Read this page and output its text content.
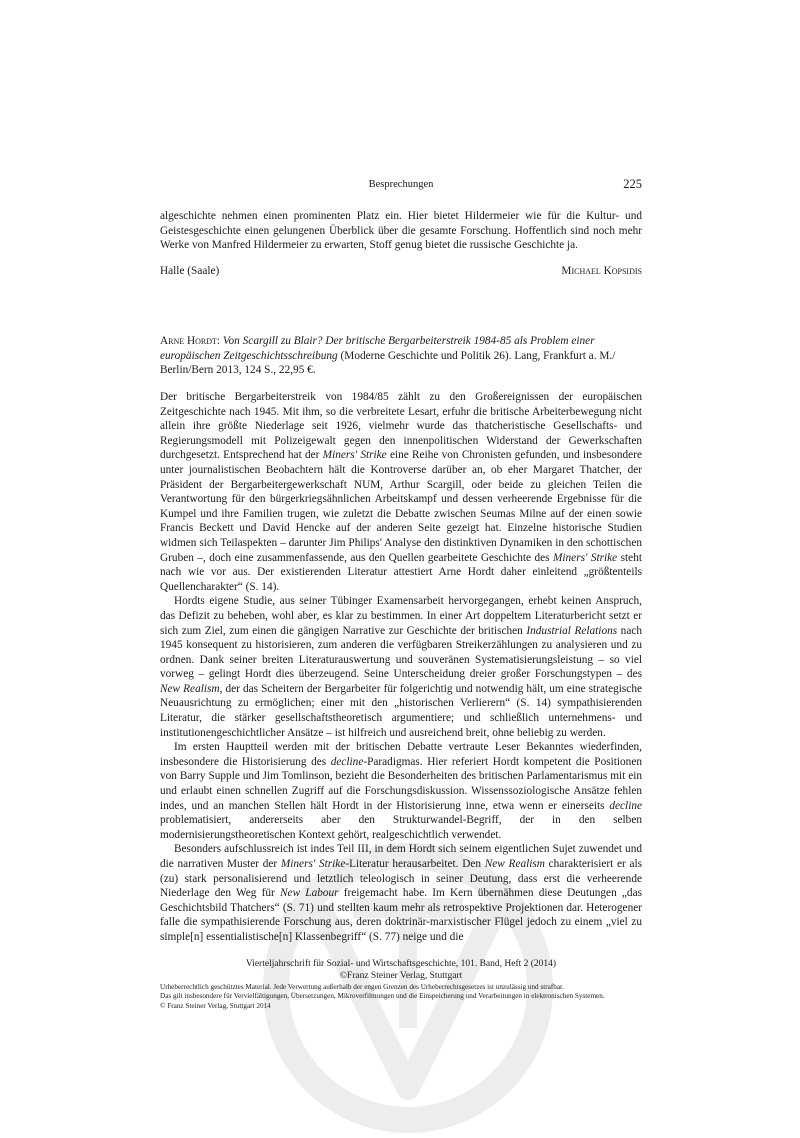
Besprechungen	225

algeschichte nehmen einen prominenten Platz ein. Hier bietet Hildermeier wie für die Kultur- und Geistesgeschichte einen gelungenen Überblick über die gesamte Forschung. Hoffentlich sind noch mehr Werke von Manfred Hildermeier zu erwarten, Stoff genug bietet die russische Geschichte ja.

Halle (Saale)	Michael Kopsidis

Arne Hordt: Von Scargill zu Blair? Der britische Bergarbeiterstreik 1984-85 als Problem einer europäischen Zeitgeschichtsschreibung (Moderne Geschichte und Politik 26). Lang, Frankfurt a. M./ Berlin/Bern 2013, 124 S., 22,95 €.

Der britische Bergarbeiterstreik von 1984/85 zählt zu den Großereignissen der europäischen Zeitgeschichte nach 1945. Mit ihm, so die verbreitete Lesart, erfuhr die britische Arbeiterbewegung nicht allein ihre größte Niederlage seit 1926, vielmehr wurde das thatcheristische Gesellschafts- und Regierungsmodell mit Polizeigewalt gegen den innenpolitischen Widerstand der Gewerkschaften durchgesetzt. Entsprechend hat der Miners' Strike eine Reihe von Chronisten gefunden, und insbesondere unter journalistischen Beobachtern hält die Kontroverse darüber an, ob eher Margaret Thatcher, der Präsident der Bergarbeitergewerkschaft NUM, Arthur Scargill, oder beide zu gleichen Teilen die Verantwortung für den bürgerkriegsähnlichen Arbeitskampf und dessen verheerende Ergebnisse für die Kumpel und ihre Familien trugen, wie zuletzt die Debatte zwischen Seumas Milne auf der einen sowie Francis Beckett und David Hencke auf der anderen Seite gezeigt hat. Einzelne historische Studien widmen sich Teilaspekten – darunter Jim Philips' Analyse den distinktiven Dynamiken in den schottischen Gruben –, doch eine zusammenfassende, aus den Quellen gearbeitete Geschichte des Miners' Strike steht nach wie vor aus. Der existierenden Literatur attestiert Arne Hordt daher einleitend „größtenteils Quellencharakter“ (S. 14).

Hordts eigene Studie, aus seiner Tübinger Examensarbeit hervorgegangen, erhebt keinen Anspruch, das Defizit zu beheben, wohl aber, es klar zu bestimmen. In einer Art doppeltem Literaturbericht setzt er sich zum Ziel, zum einen die gängigen Narrative zur Geschichte der britischen Industrial Relations nach 1945 konsequent zu historisieren, zum anderen die verfügbaren Streikerzählungen zu analysieren und zu ordnen. Dank seiner breiten Literaturauswertung und souveränen Systematisierungsleistung – so viel vorweg – gelingt Hordt dies überzeugend. Seine Unterscheidung dreier großer Forschungstypen – des New Realism, der das Scheitern der Bergarbeiter für folgerichtig und notwendig hält, um eine strategische Neuausrichtung zu ermöglichen; einer mit den „historischen Verlierern“ (S. 14) sympathisierenden Literatur, die stärker gesellschaftstheoretisch argumentiere; und schließlich unternehmens- und institutionengeschichtlicher Ansätze – ist hilfreich und ausreichend breit, ohne beliebig zu werden.

Im ersten Hauptteil werden mit der britischen Debatte vertraute Leser Bekanntes wiederfinden, insbesondere die Historisierung des decline-Paradigmas. Hier referiert Hordt kompetent die Positionen von Barry Supple und Jim Tomlinson, bezieht die Besonderheiten des britischen Parlamentarismus mit ein und erlaubt einen schnellen Zugriff auf die Forschungsdiskussion. Wissenssoziologische Ansätze fehlen indes, und an manchen Stellen hält Hordt in der Historisierung inne, etwa wenn er einerseits decline problematisiert, andererseits aber den Strukturwandel-Begriff, der in den selben modernisierungstheoretischen Kontext gehört, realgeschichtlich verwendet.

Besonders aufschlussreich ist indes Teil III, in dem Hordt sich seinem eigentlichen Sujet zuwendet und die narrativen Muster der Miners' Strike-Literatur herausarbeitet. Den New Realism charakterisiert er als (zu) stark personalisierend und letztlich teleologisch in seiner Deutung, dass erst die verheerende Niederlage den Weg für New Labour freigemacht habe. Im Kern übernähmen diese Deutungen „das Geschichtsbild Thatchers“ (S. 71) und stellten kaum mehr als retrospektive Projektionen dar. Heterogener falle die sympathisierende Forschung aus, deren doktrinär-marxistischer Flügel jedoch zu einem „viel zu simple[n] essentialistische[n] Klassenbegriff“ (S. 77) neige und die

Vierteljahrschrift für Sozial- und Wirtschaftsgeschichte, 101. Band, Heft 2 (2014)
©Franz Steiner Verlag, Stuttgart

Urheberrechtlich geschütztes Material. Jede Verwertung außerhalb der engen Grenzen des Urheberrechtsgesetzes ist unzulässig und strafbar.

Das gilt insbesondere für Vervielfältigungen, Übersetzungen, Mikroverfilmungen und die Einspeicherung und Verarbeitungen in elektronischen Systemen.

© Franz Steiner Verlag, Stuttgart 2014
